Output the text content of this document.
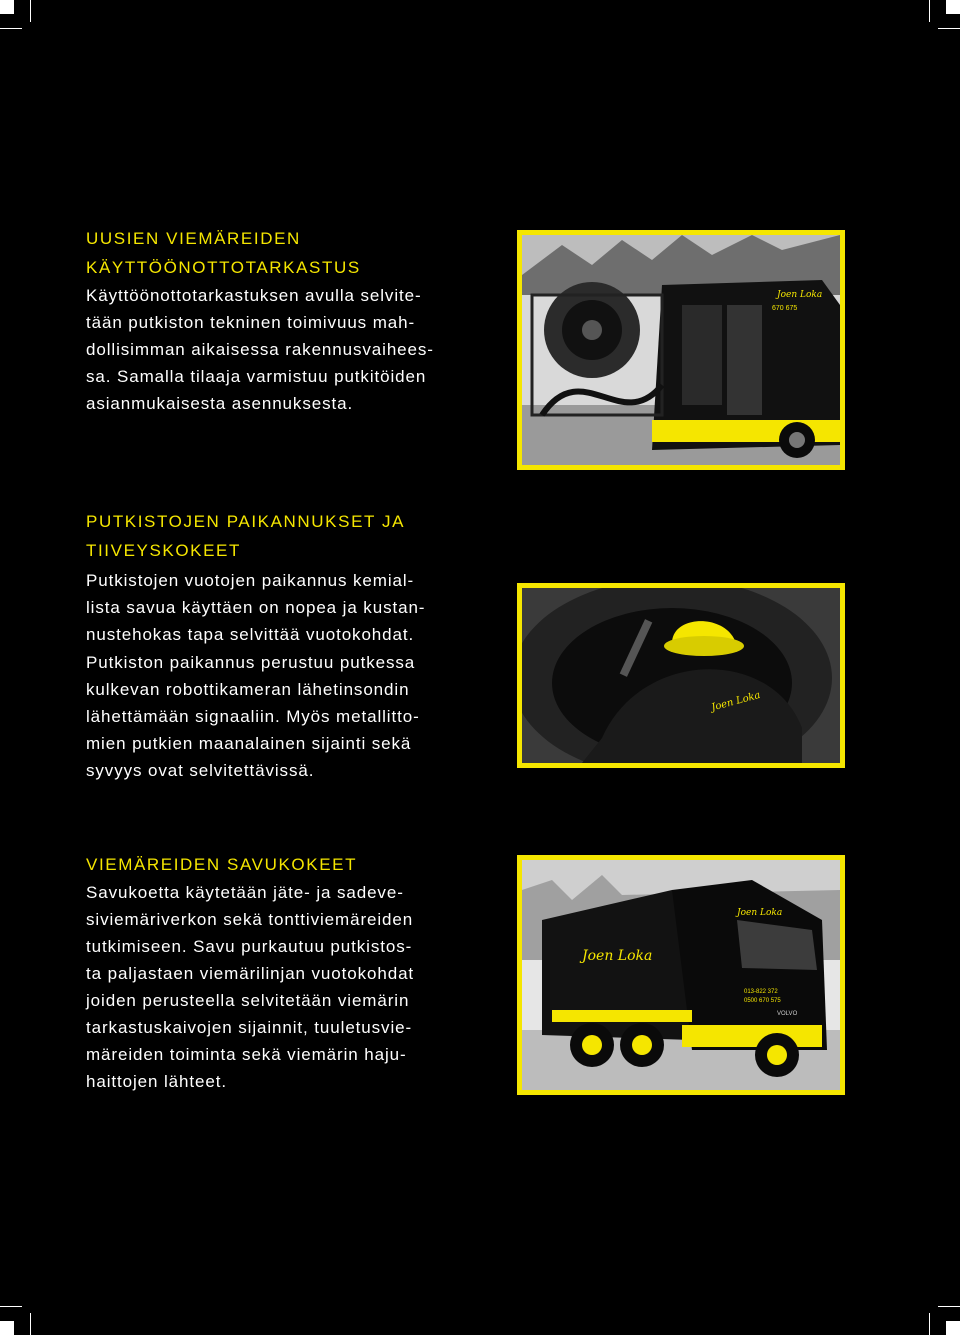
UUSIEN VIEMÄREIDEN
KÄYTTÖÖNOTTOTARKASTUS

Käyttöönottotarkastuksen avulla selvite-
tään putkiston tekninen toimivuus mah-
dollisimman aikaisessa rakennusvaihees-
sa. Samalla tilaaja varmistuu putkitöiden
asianmukaisesta asennuksesta.

PUTKISTOJEN PAIKANNUKSET JA
TIIVEYSKOKEET

Putkistojen vuotojen paikannus kemial-
lista savua käyttäen on nopea ja kustan-
nustehokas tapa selvittää vuotokohdat.
Putkiston paikannus perustuu putkessa
kulkevan robottikameran lähetinsondin
lähettämään signaaliin. Myös metallitto-
mien putkien maanalainen sijainti sekä
syvyys ovat selvitettävissä.

VIEMÄREIDEN SAVUKOKEET

Savukoetta käytetään jäte- ja sadeve-
siviemäriverkon sekä tonttiviemäreiden
tutkimiseen. Savu purkautuu putkistos-
ta paljastaen viemärilinjan vuotokohdat
joiden perusteella selvitetään viemärin
tarkastuskaivojen sijainnit, tuuletusvie-
märeiden toiminta sekä viemärin haju-
haittojen lähteet.

Joen Loka
670 675
Joen Loka
Joen Loka
Joen Loka
013-822 372
0500 670 575
VOLVO
